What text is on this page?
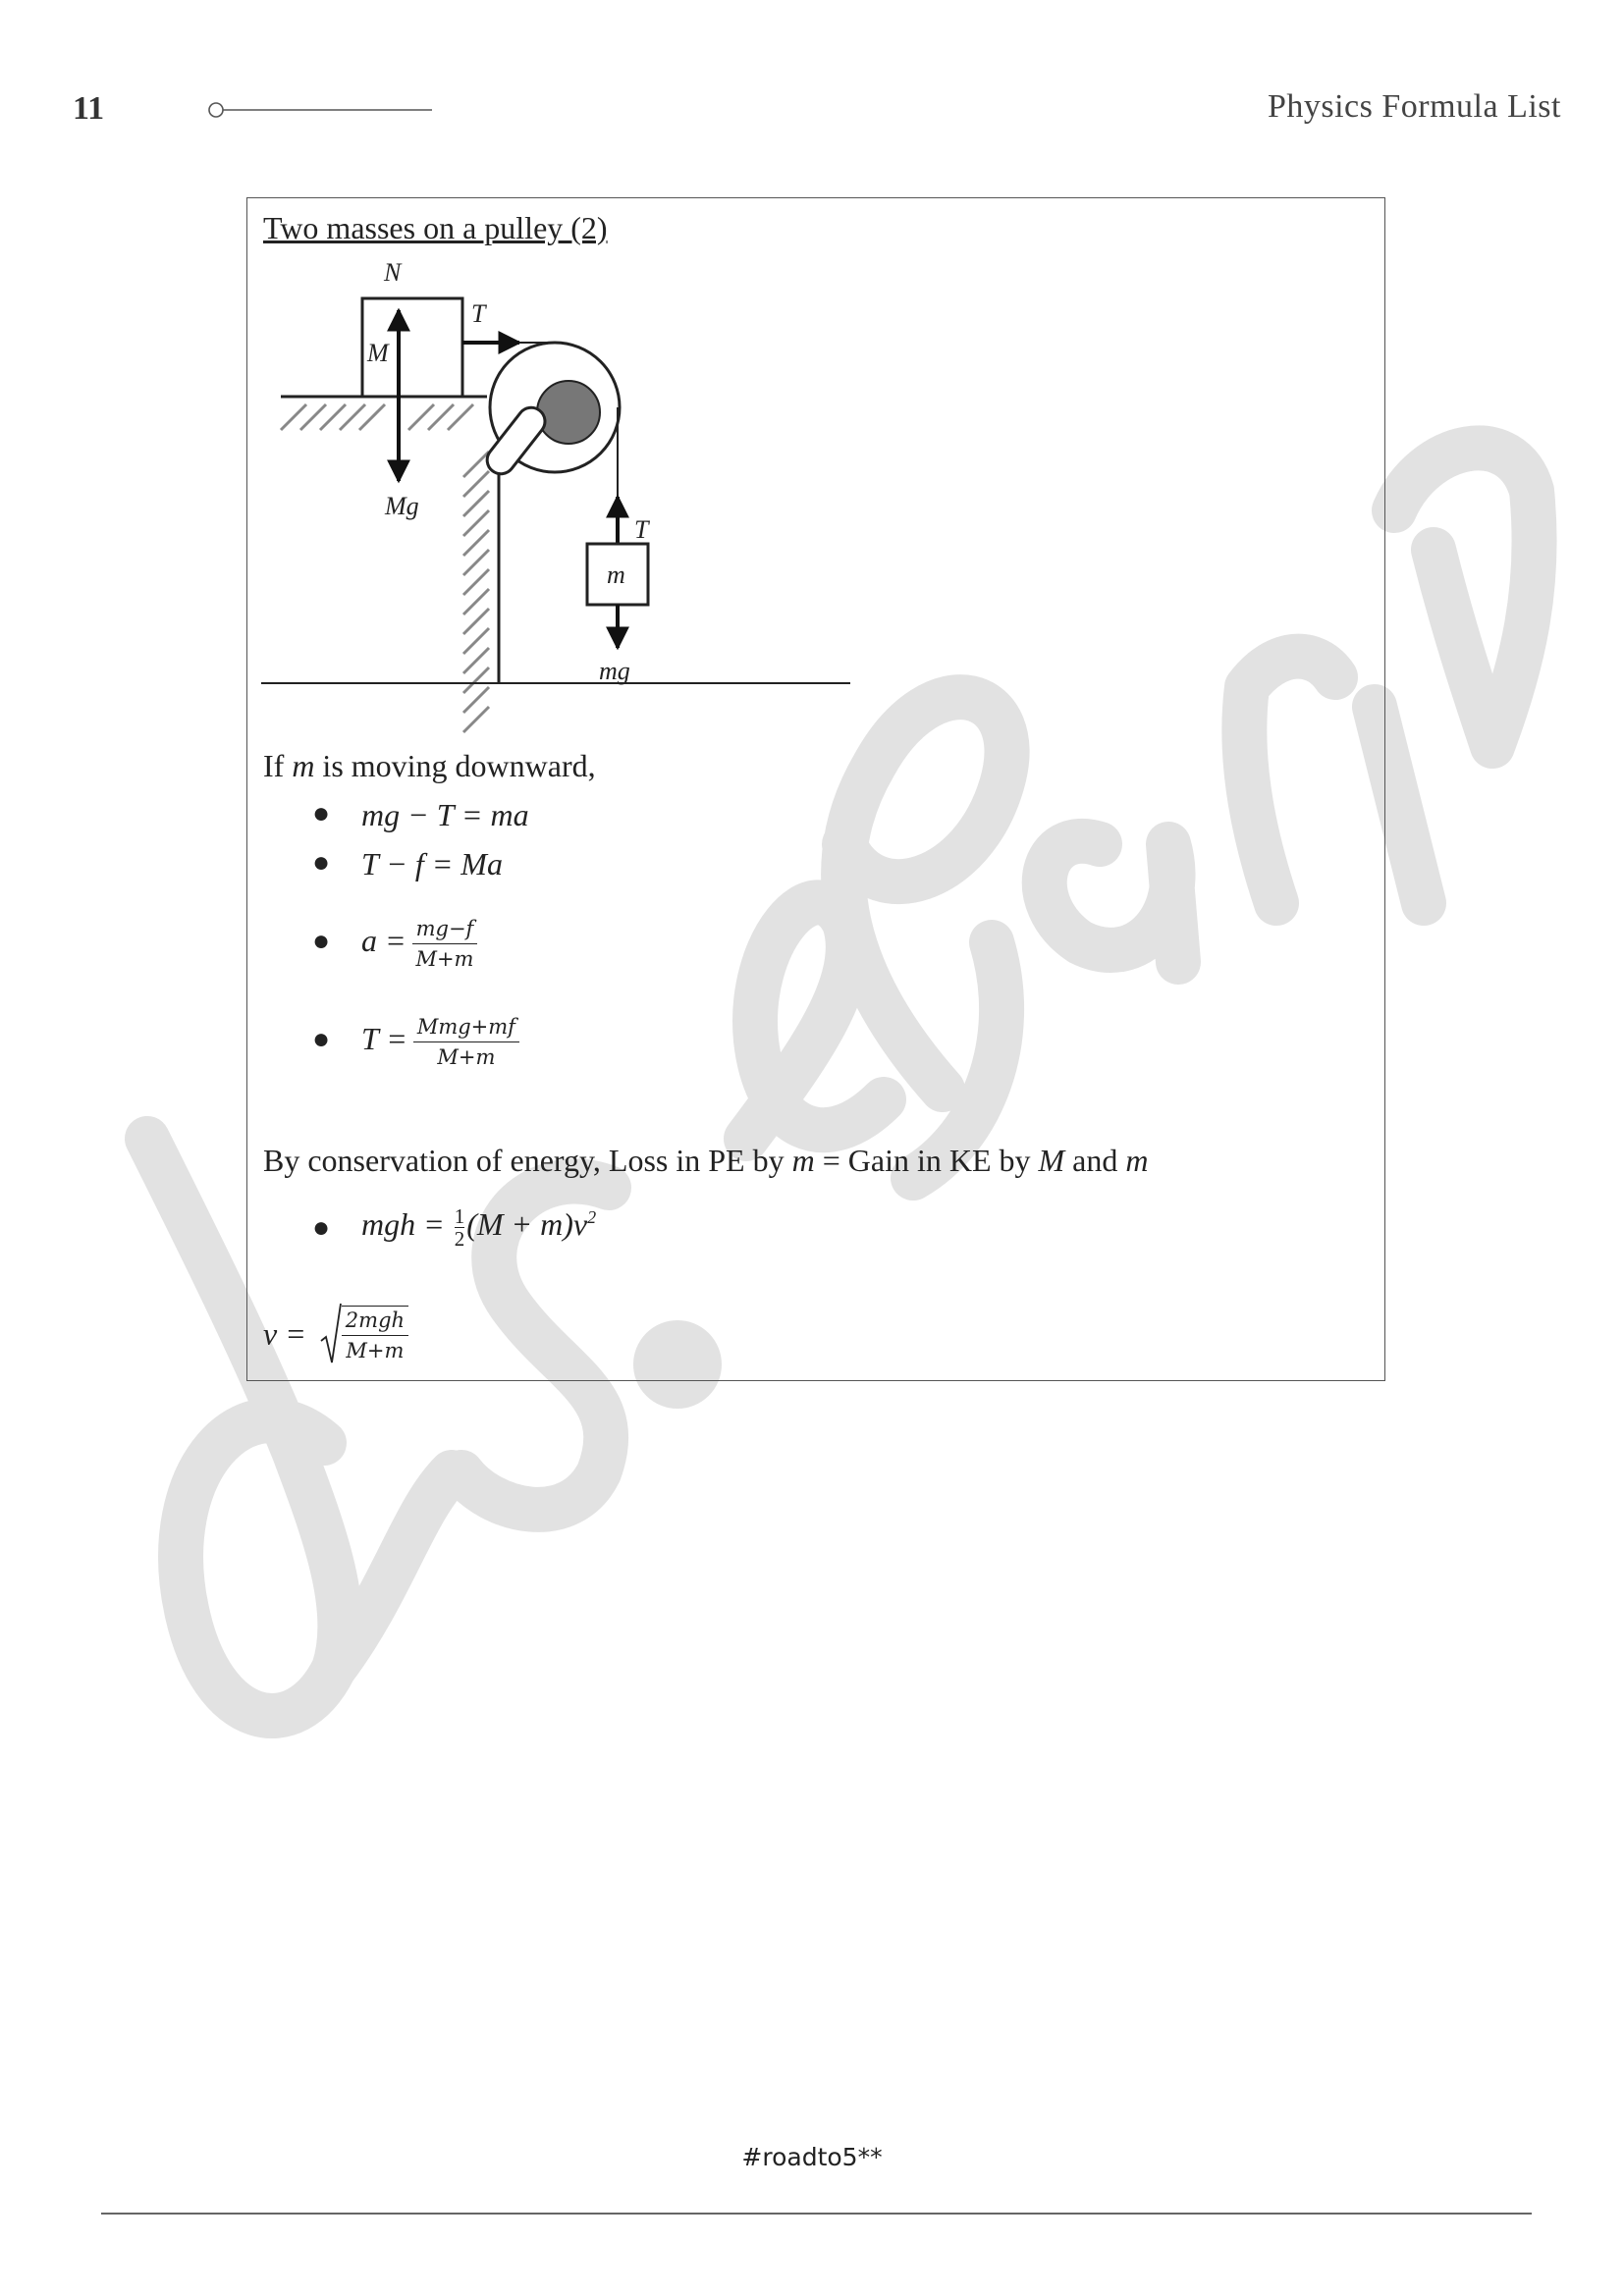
11	Physics Formula List
Two masses on a pulley (2)
N
M
T
Mg
T
m
mg
If m is moving downward,
● mg − T = ma
● T − f = Ma
● $a = \frac{mg-f}{M+m}$
● $T = \frac{\text{Mmg+mf}}{M+m}$
By conservation of energy, Loss in PE by m = Gain in KE by M and m
● mgh = $\frac{1}{2} (M + m)v^2$
$v = \frac{\text{2mgh}}{M+m}$
#roadto5**
